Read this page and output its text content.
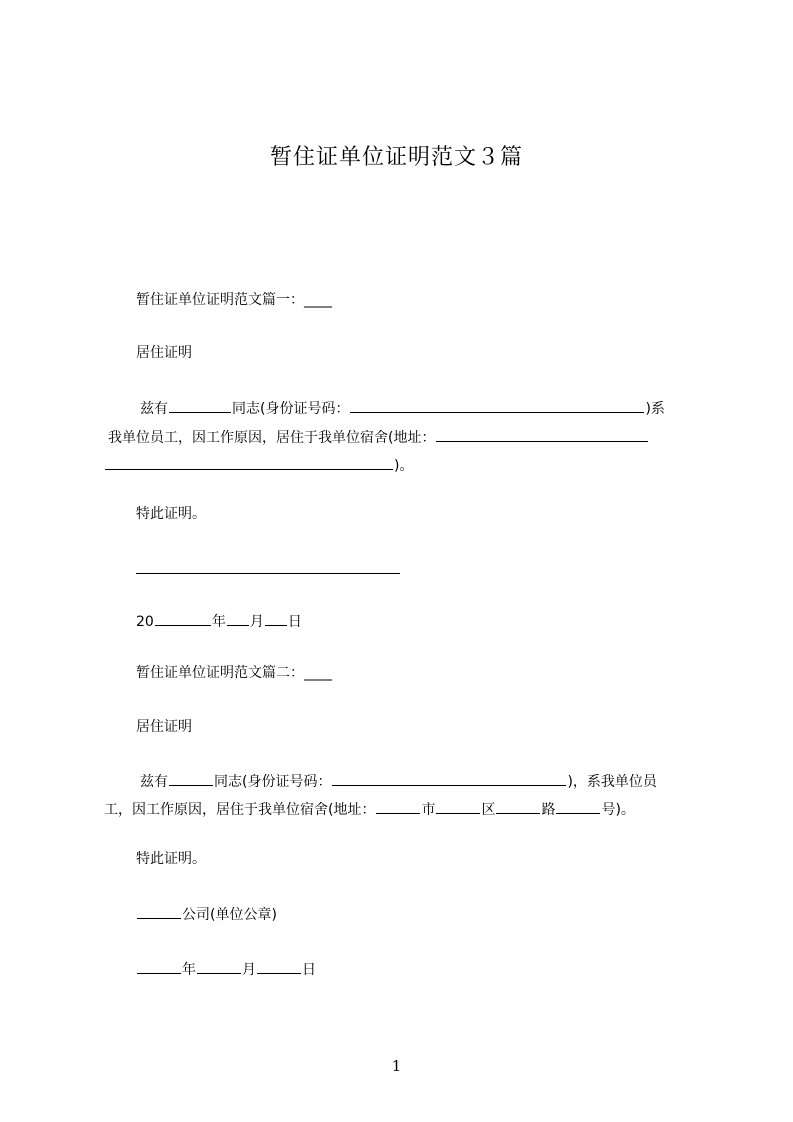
暂住证单位证明范文３篇
暂住证单位证明范文篇一：____
居住证明
兹有	同志(身份证号码：	)系
我单位员工，因工作原因，居住于我单位宿舍(地址：
)。
特此证明。
20	年 月 日
暂住证单位证明范文篇二：____
居住证明
兹有	同志(身份证号码：	)，系我单位员
工，因工作原因，居住于我单位宿舍(地址：	市	区	路	号)。
特此证明。
公司(单位公章)
年	月	日
1
